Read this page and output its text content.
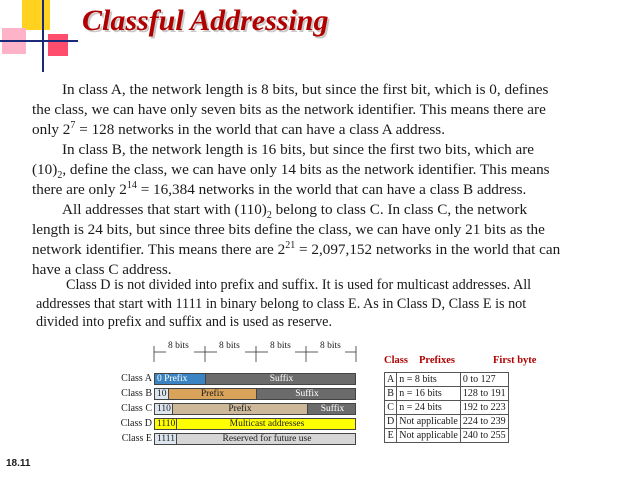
Classful Addressing
In class A, the network length is 8 bits, but since the first bit, which is 0, defines
the class, we can have only seven bits as the network identifier. This means there are
only $2^7 = 128$ networks in the world that can have a class A address.
In class B, the network length is 16 bits, but since the first two bits, which are
$(10)_2$, define the class, we can have only 14 bits as the network identifier. This means
there are only $2^{14} = 16,384$ networks in the world that can have a class B address.
All addresses that start with $(110)_2$ belong to class C. In class C, the network
length is 24 bits, but since three bits define the class, we can have only 21 bits as the
network identifier. This means there are $2^{21} = 2,097,152$ networks in the world that can
have a class C address.
Class D is not divided into prefix and suffix. It is used for multicast addresses. All
addresses that start with 1111 in binary belong to class E. As in Class D, Class E is not
divided into prefix and suffix and is used as reserve.
8 bits	8 bits	8 bits	8 bits
Class A 0 Prefix	Suffix
Class B 10	Prefix	Suffix
Class C 110	Prefix	Suffix
Class D 1110	Multicast addresses
Class E 1111	Reserved for future use
Class Prefixes	First byte
A	n = 8 bits	0 to 127
B	n = 16 bits	128 to 191
C	n = 24 bits	192 to 223
D	Not applicable	224 to 239
E	Not applicable	240 to 255
18.11
